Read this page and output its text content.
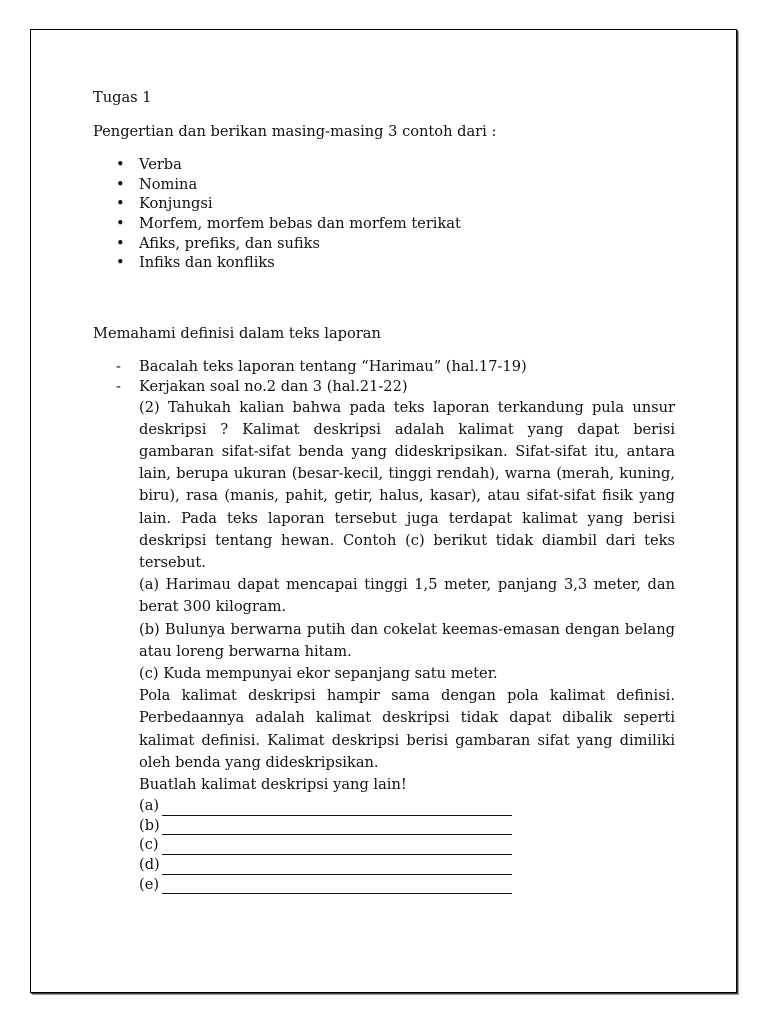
Tugas 1

Pengertian dan berikan masing-masing 3 contoh dari :

• Verba
• Nomina
• Konjungsi
• Morfem, morfem bebas dan morfem terikat
• Afiks, prefiks, dan sufiks
• Infiks dan konfliks

Memahami definisi dalam teks laporan

- Bacalah teks laporan tentang “Harimau” (hal.17-19)
- Kerjakan soal no.2 dan 3 (hal.21-22)

(2) Tahukah kalian bahwa pada teks laporan terkandung pula unsur deskripsi ? Kalimat deskripsi adalah kalimat yang dapat berisi gambaran sifat-sifat benda yang dideskripsikan. Sifat-sifat itu, antara lain, berupa ukuran (besar-kecil, tinggi rendah), warna (merah, kuning, biru), rasa (manis, pahit, getir, halus, kasar), atau sifat-sifat fisik yang lain. Pada teks laporan tersebut juga terdapat kalimat yang berisi deskripsi tentang hewan. Contoh (c) berikut tidak diambil dari teks tersebut.

(a) Harimau dapat mencapai tinggi 1,5 meter, panjang 3,3 meter, dan berat 300 kilogram.

(b) Bulunya berwarna putih dan cokelat keemas-emasan dengan belang atau loreng berwarna hitam.

(c) Kuda mempunyai ekor sepanjang satu meter.

Pola kalimat deskripsi hampir sama dengan pola kalimat definisi. Perbedaannya adalah kalimat deskripsi tidak dapat dibalik seperti kalimat definisi. Kalimat deskripsi berisi gambaran sifat yang dimiliki oleh benda yang dideskripsikan.

Buatlah kalimat deskripsi yang lain!

(a)
(b)
(c)
(d)
(e)
